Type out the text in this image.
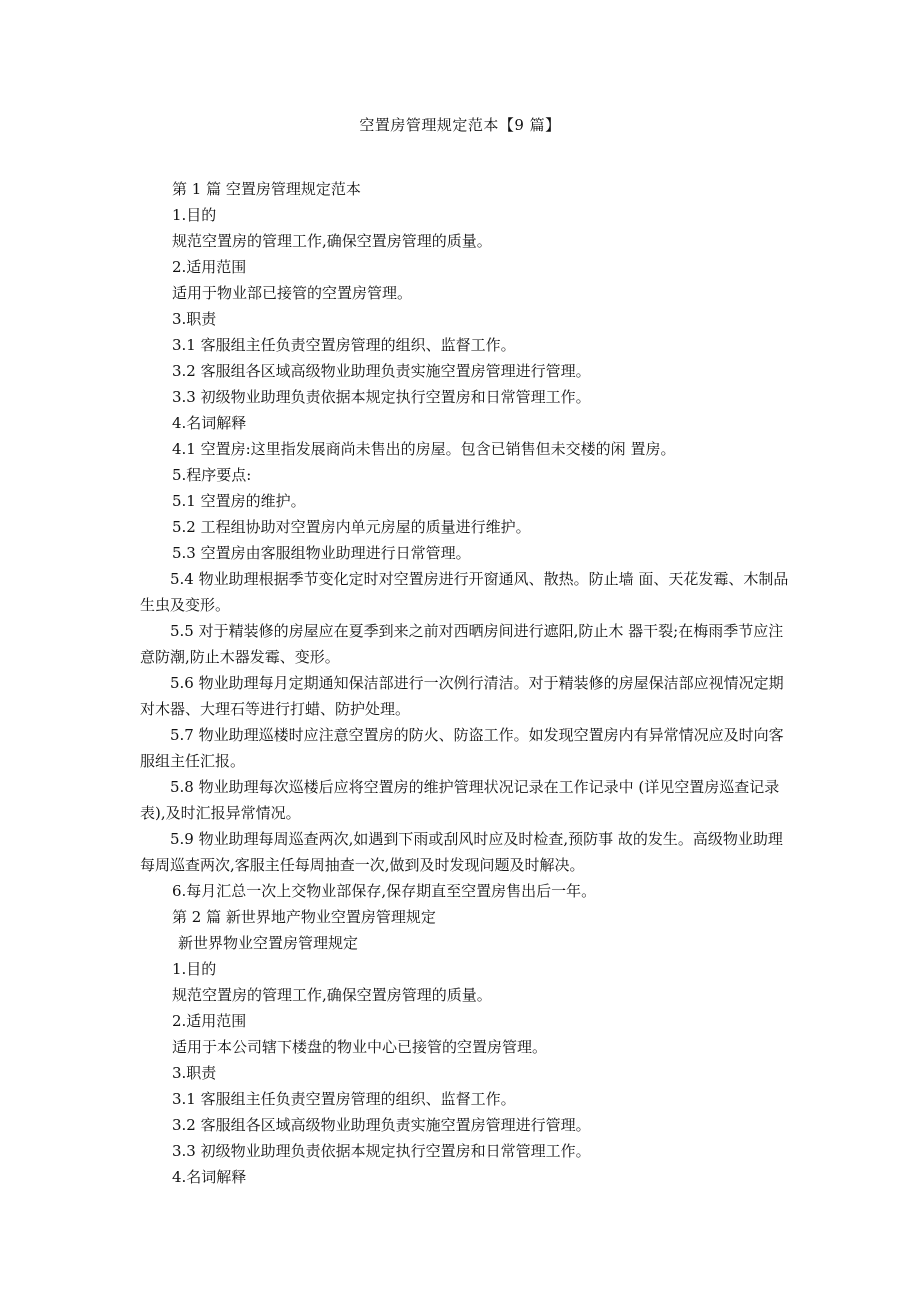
空置房管理规定范本【9 篇】

第 1 篇 空置房管理规定范本

1.目的

规范空置房的管理工作,确保空置房管理的质量。

2.适用范围

适用于物业部已接管的空置房管理。

3.职责

3.1 客服组主任负责空置房管理的组织、监督工作。

3.2 客服组各区域高级物业助理负责实施空置房管理进行管理。

3.3 初级物业助理负责依据本规定执行空置房和日常管理工作。

4.名词解释

4.1 空置房:这里指发展商尚未售出的房屋。包含已销售但未交楼的闲 置房。

5.程序要点:

5.1 空置房的维护。

5.2 工程组协助对空置房内单元房屋的质量进行维护。

5.3 空置房由客服组物业助理进行日常管理。

5.4 物业助理根据季节变化定时对空置房进行开窗通风、散热。防止墙 面、天花发霉、木制品生虫及变形。

5.5 对于精装修的房屋应在夏季到来之前对西晒房间进行遮阳,防止木 器干裂;在梅雨季节应注意防潮,防止木器发霉、变形。

5.6 物业助理每月定期通知保洁部进行一次例行清洁。对于精装修的房屋保洁部应视情况定期对木器、大理石等进行打蜡、防护处理。

5.7 物业助理巡楼时应注意空置房的防火、防盗工作。如发现空置房内有异常情况应及时向客服组主任汇报。

5.8 物业助理每次巡楼后应将空置房的维护管理状况记录在工作记录中 (详见空置房巡查记录表),及时汇报异常情况。

5.9 物业助理每周巡查两次,如遇到下雨或刮风时应及时检查,预防事 故的发生。高级物业助理每周巡查两次,客服主任每周抽查一次,做到及时发现问题及时解决。

6.每月汇总一次上交物业部保存,保存期直至空置房售出后一年。

第 2 篇 新世界地产物业空置房管理规定

新世界物业空置房管理规定

1.目的

规范空置房的管理工作,确保空置房管理的质量。

2.适用范围

适用于本公司辖下楼盘的物业中心已接管的空置房管理。

3.职责

3.1 客服组主任负责空置房管理的组织、监督工作。

3.2 客服组各区域高级物业助理负责实施空置房管理进行管理。

3.3 初级物业助理负责依据本规定执行空置房和日常管理工作。

4.名词解释
